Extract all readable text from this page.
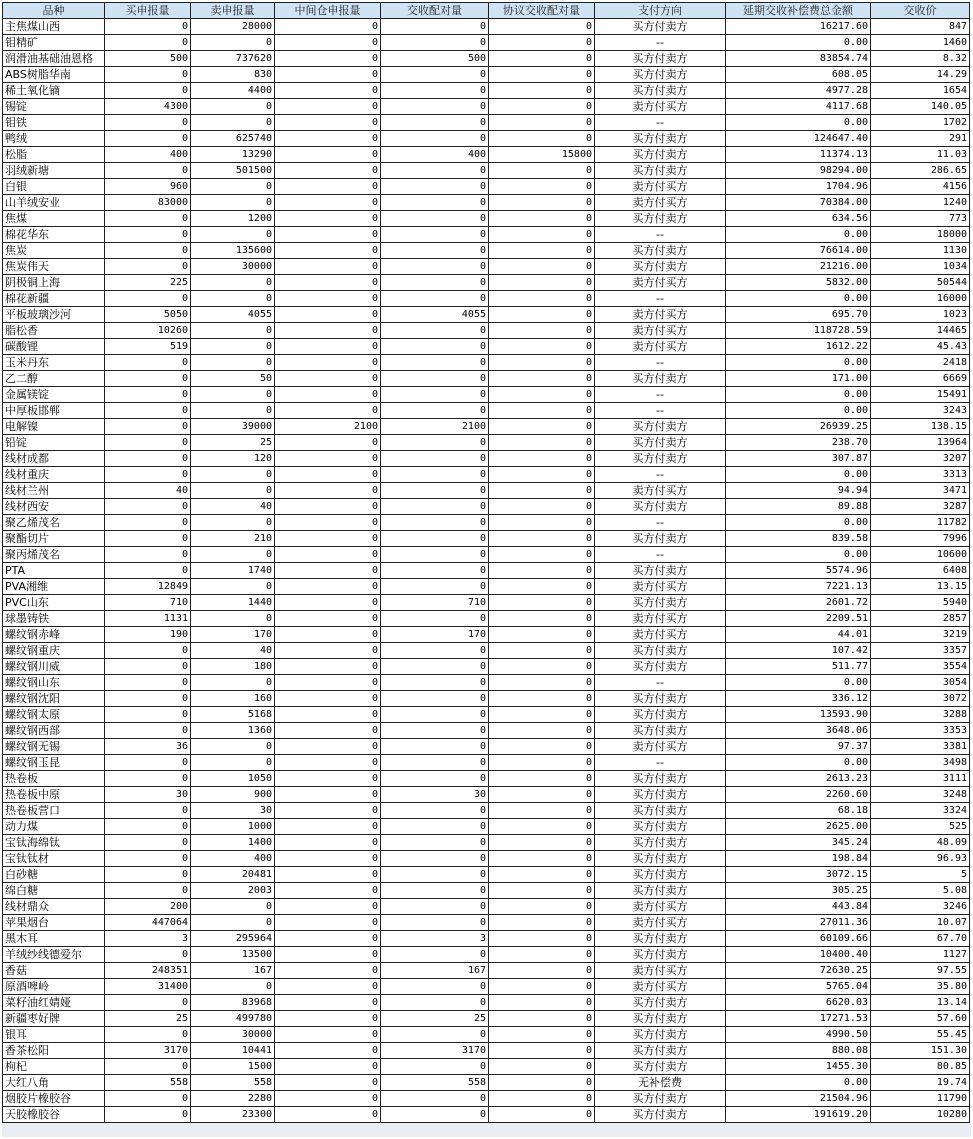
品种	买申报量	卖申报量	中间仓申报量	交收配对量	协议交收配对量	支付方向	延期交收补偿费总金额	交收价
主焦煤山西	0	28000	0	0	0	买方付卖方	16217.60	847
钼精矿	0	0	0	0	0	--	0.00	1460
润滑油基础油恩格	500	737620	0	500	0	买方付卖方	83854.74	8.32
ABS树脂华南	0	830	0	0	0	买方付卖方	608.05	14.29
稀土氧化镝	0	4400	0	0	0	买方付卖方	4977.28	1654
锡锭	4300	0	0	0	0	卖方付买方	4117.68	140.05
钼铁	0	0	0	0	0	--	0.00	1702
鸭绒	0	625740	0	0	0	买方付卖方	124647.40	291
松脂	400	13290	0	400	15800	买方付卖方	11374.13	11.03
羽绒新塘	0	501500	0	0	0	买方付卖方	98294.00	286.65
白银	960	0	0	0	0	卖方付买方	1704.96	4156
山羊绒安业	83000	0	0	0	0	卖方付买方	70384.00	1240
焦煤	0	1200	0	0	0	买方付卖方	634.56	773
棉花华东	0	0	0	0	0	--	0.00	18000
焦炭	0	135600	0	0	0	买方付卖方	76614.00	1130
焦炭伟天	0	30000	0	0	0	买方付卖方	21216.00	1034
阴极铜上海	225	0	0	0	0	卖方付买方	5832.00	50544
棉花新疆	0	0	0	0	0	--	0.00	16000
平板玻璃沙河	5050	4055	0	4055	0	卖方付买方	695.70	1023
脂松香	10260	0	0	0	0	卖方付买方	118728.59	14465
碳酸锂	519	0	0	0	0	卖方付买方	1612.22	45.43
玉米丹东	0	0	0	0	0	--	0.00	2418
乙二醇	0	50	0	0	0	买方付卖方	171.00	6669
金属镁锭	0	0	0	0	0	--	0.00	15491
中厚板邯郸	0	0	0	0	0	--	0.00	3243
电解镍	0	39000	2100	2100	0	买方付卖方	26939.25	138.15
铅锭	0	25	0	0	0	买方付卖方	238.70	13964
线材成都	0	120	0	0	0	买方付卖方	307.87	3207
线材重庆	0	0	0	0	0	--	0.00	3313
线材兰州	40	0	0	0	0	卖方付买方	94.94	3471
线材西安	0	40	0	0	0	买方付卖方	89.88	3287
聚乙烯茂名	0	0	0	0	0	--	0.00	11782
聚酯切片	0	210	0	0	0	买方付卖方	839.58	7996
聚丙烯茂名	0	0	0	0	0	--	0.00	10600
PTA	0	1740	0	0	0	买方付卖方	5574.96	6408
PVA湘维	12849	0	0	0	0	卖方付买方	7221.13	13.15
PVC山东	710	1440	0	710	0	买方付卖方	2601.72	5940
球墨铸铁	1131	0	0	0	0	卖方付买方	2209.51	2857
螺纹钢赤峰	190	170	0	170	0	卖方付买方	44.01	3219
螺纹钢重庆	0	40	0	0	0	买方付卖方	107.42	3357
螺纹钢川威	0	180	0	0	0	买方付卖方	511.77	3554
螺纹钢山东	0	0	0	0	0	--	0.00	3054
螺纹钢沈阳	0	160	0	0	0	买方付卖方	336.12	3072
螺纹钢太原	0	5168	0	0	0	买方付卖方	13593.90	3288
螺纹钢西部	0	1360	0	0	0	买方付卖方	3648.06	3353
螺纹钢无锡	36	0	0	0	0	卖方付买方	97.37	3381
螺纹钢玉昆	0	0	0	0	0	--	0.00	3498
热卷板	0	1050	0	0	0	买方付卖方	2613.23	3111
热卷板中原	30	900	0	30	0	买方付卖方	2260.60	3248
热卷板营口	0	30	0	0	0	买方付卖方	68.18	3324
动力煤	0	1000	0	0	0	买方付卖方	2625.00	525
宝钛海绵钛	0	1400	0	0	0	买方付卖方	345.24	48.09
宝钛钛材	0	400	0	0	0	买方付卖方	198.84	96.93
白砂糖	0	20481	0	0	0	买方付卖方	3072.15	5
绵白糖	0	2003	0	0	0	买方付卖方	305.25	5.08
线材鼎众	200	0	0	0	0	卖方付买方	443.84	3246
苹果烟台	447064	0	0	0	0	卖方付买方	27011.36	10.07
黑木耳	3	295964	0	3	0	买方付卖方	60109.66	67.70
羊绒纱线德爱尔	0	13500	0	0	0	买方付卖方	10400.40	1127
香菇	248351	167	0	167	0	卖方付买方	72630.25	97.55
原酒啤岭	31400	0	0	0	0	卖方付买方	5765.04	35.80
菜籽油红婧娅	0	83968	0	0	0	买方付卖方	6620.03	13.14
新疆枣好牌	25	499780	0	25	0	买方付卖方	17271.53	57.60
银耳	0	30000	0	0	0	买方付卖方	4990.50	55.45
香茶松阳	3170	10441	0	3170	0	买方付卖方	880.08	151.30
枸杞	0	1500	0	0	0	买方付卖方	1455.30	80.85
大红八角	558	558	0	558	0	无补偿费	0.00	19.74
烟胶片橡胶谷	0	2280	0	0	0	买方付卖方	21504.96	11790
天胶橡胶谷	0	23300	0	0	0	买方付卖方	191619.20	10280
